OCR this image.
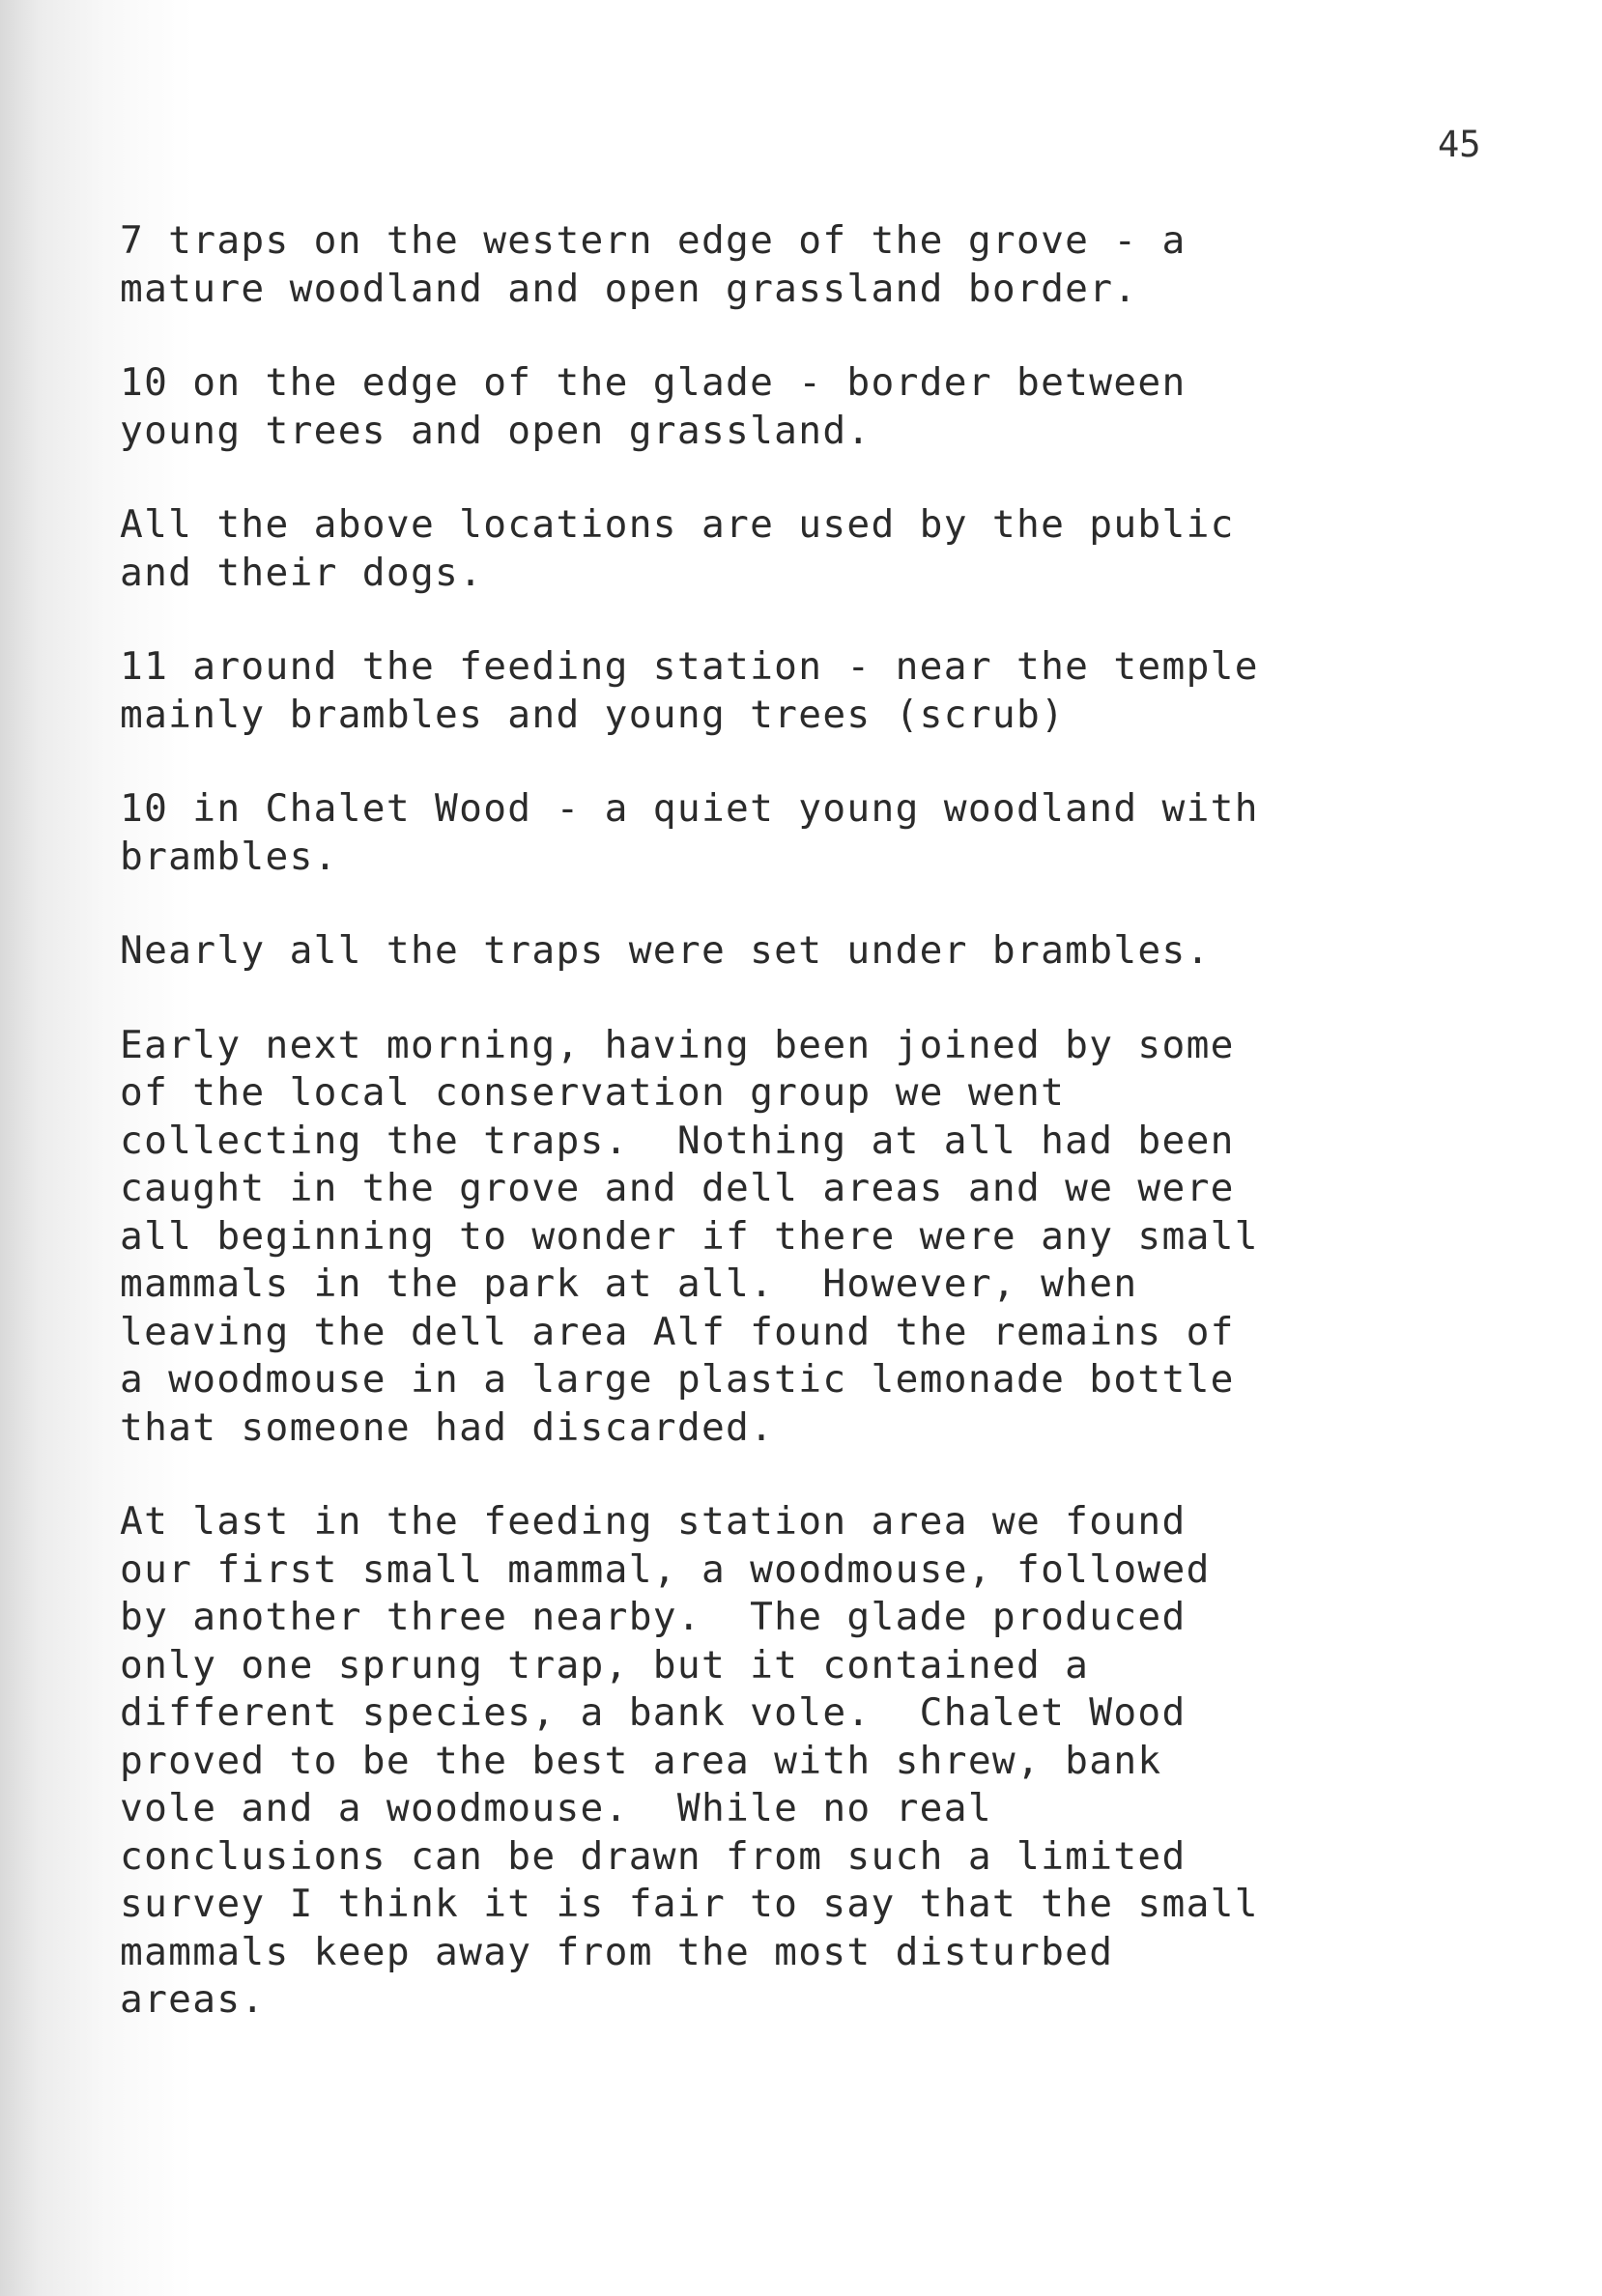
45

7 traps on the western edge of the grove - a
mature woodland and open grassland border.
10 on the edge of the glade - border between
young trees and open grassland.
All the above locations are used by the public
and their dogs.
11 around the feeding station - near the temple
mainly brambles and young trees (scrub)
10 in Chalet Wood - a quiet young woodland with
brambles.
Nearly all the traps were set under brambles.
Early next morning, having been joined by some
of the local conservation group we went
collecting the traps.  Nothing at all had been
caught in the grove and dell areas and we were
all beginning to wonder if there were any small
mammals in the park at all.  However, when
leaving the dell area Alf found the remains of
a woodmouse in a large plastic lemonade bottle
that someone had discarded.
At last in the feeding station area we found
our first small mammal, a woodmouse, followed
by another three nearby.  The glade produced
only one sprung trap, but it contained a
different species, a bank vole.  Chalet Wood
proved to be the best area with shrew, bank
vole and a woodmouse.  While no real
conclusions can be drawn from such a limited
survey I think it is fair to say that the small
mammals keep away from the most disturbed
areas.
